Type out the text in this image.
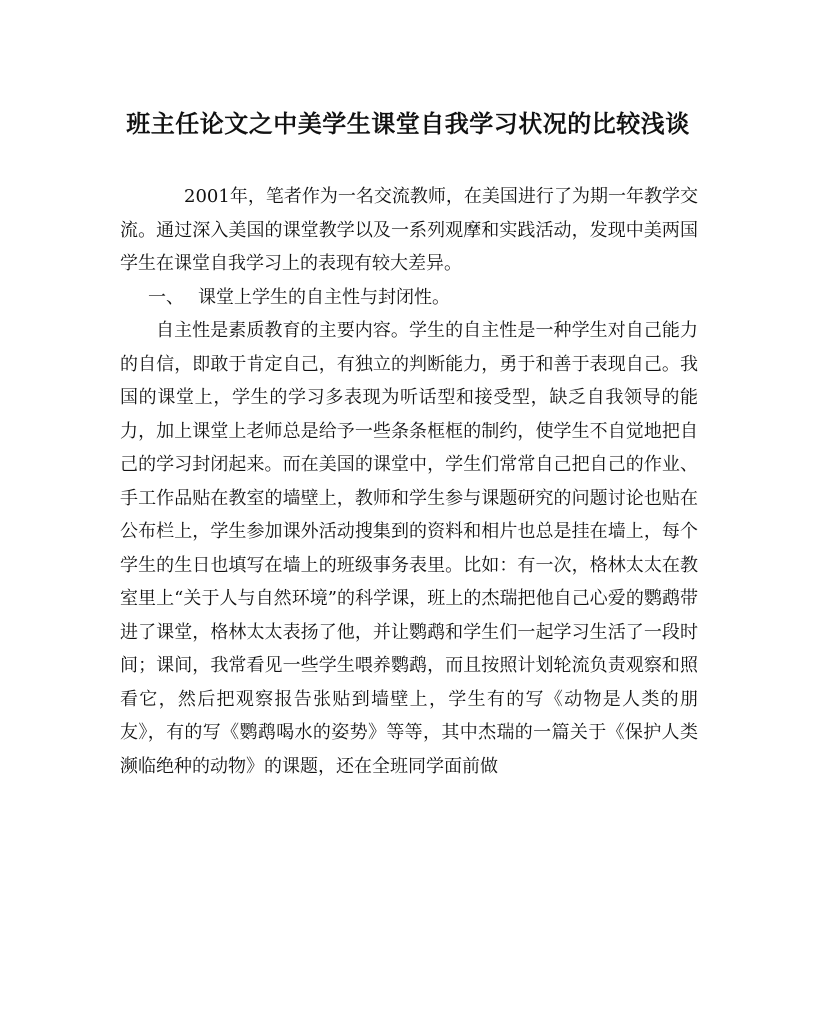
班主任论文之中美学生课堂自我学习状况的比较浅谈

2001年，笔者作为一名交流教师，在美国进行了为期一年教学交流。通过深入美国的课堂教学以及一系列观摩和实践活动，发现中美两国学生在课堂自我学习上的表现有较大差异。

一、 课堂上学生的自主性与封闭性。

自主性是素质教育的主要内容。学生的自主性是一种学生对自己能力的自信，即敢于肯定自己，有独立的判断能力，勇于和善于表现自己。我国的课堂上，学生的学习多表现为听话型和接受型，缺乏自我领导的能力，加上课堂上老师总是给予一些条条框框的制约，使学生不自觉地把自己的学习封闭起来。而在美国的课堂中，学生们常常自己把自己的作业、手工作品贴在教室的墙壁上，教师和学生参与课题研究的问题讨论也贴在公布栏上，学生参加课外活动搜集到的资料和相片也总是挂在墙上，每个学生的生日也填写在墙上的班级事务表里。比如：有一次，格林太太在教室里上“关于人与自然环境”的科学课，班上的杰瑞把他自己心爱的鹦鹉带进了课堂，格林太太表扬了他，并让鹦鹉和学生们一起学习生活了一段时间；课间，我常看见一些学生喂养鹦鹉，而且按照计划轮流负责观察和照看它，然后把观察报告张贴到墙壁上，学生有的写《动物是人类的朋友》，有的写《鹦鹉喝水的姿势》等等，其中杰瑞的一篇关于《保护人类濒临绝种的动物》的课题，还在全班同学面前做
